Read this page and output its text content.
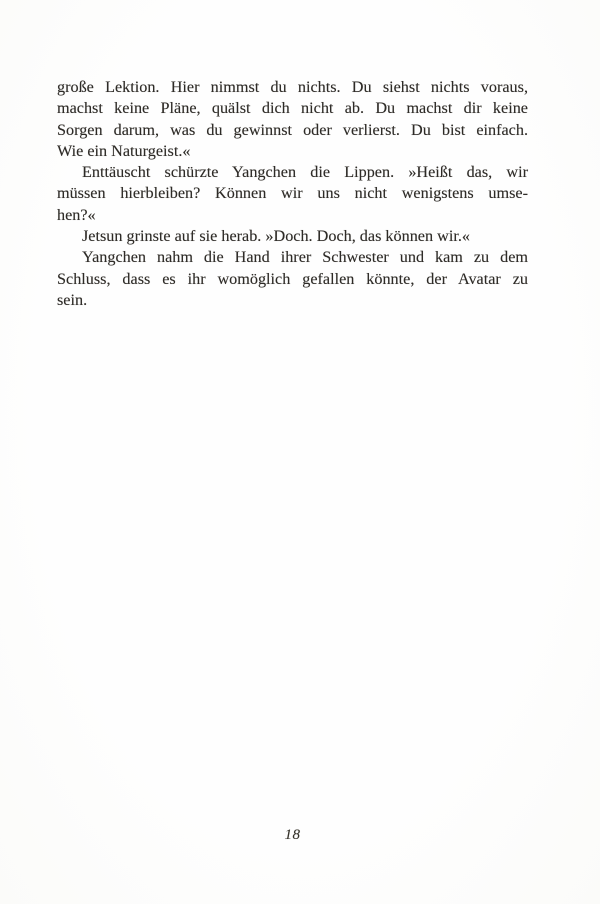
große Lektion. Hier nimmst du nichts. Du siehst nichts voraus,
machst keine Pläne, quälst dich nicht ab. Du machst dir keine
Sorgen darum, was du gewinnst oder verlierst. Du bist einfach.
Wie ein Naturgeist.«
Enttäuscht schürzte Yangchen die Lippen. »Heißt das, wir
müssen hierbleiben? Können wir uns nicht wenigstens umse-
hen?«
Jetsun grinste auf sie herab. »Doch. Doch, das können wir.«
Yangchen nahm die Hand ihrer Schwester und kam zu dem
Schluss, dass es ihr womöglich gefallen könnte, der Avatar zu
sein.
18
